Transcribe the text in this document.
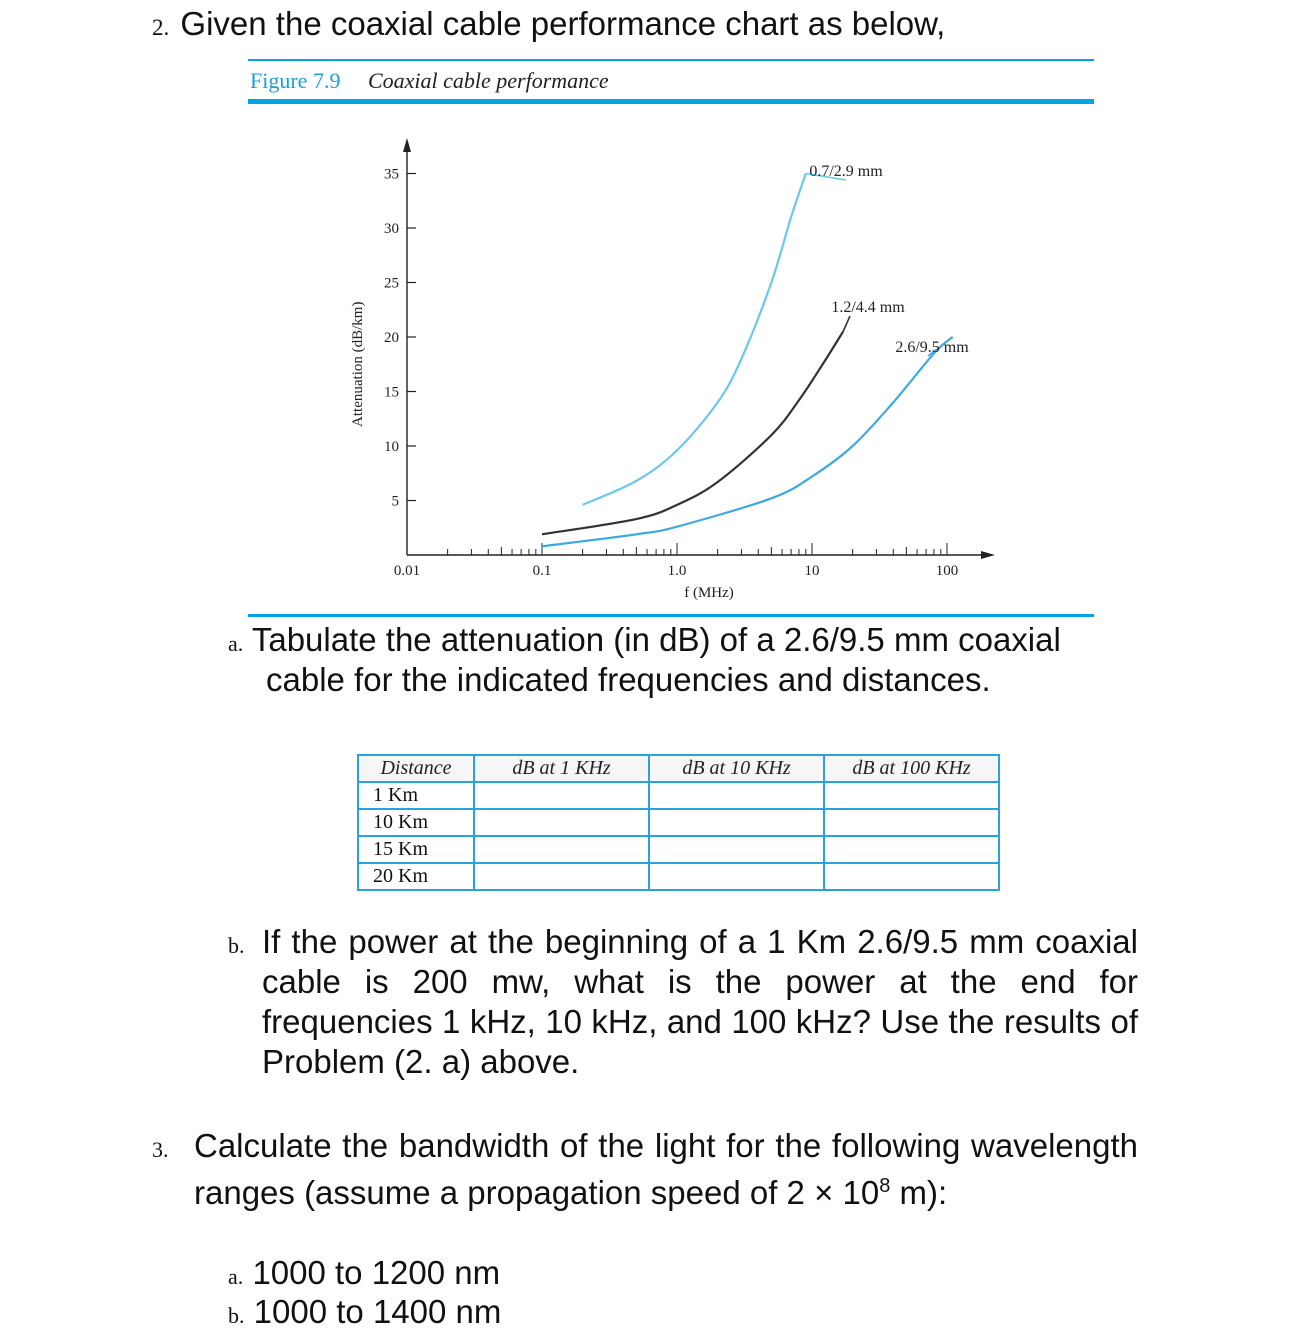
2. Given the coaxial cable performance chart as below,
Figure 7.9 Coaxial cable performance
5
10
15
20
25
30
35
0.01	0.1	1.0	10	100
f (MHz)
Attenuation (dB/km)
0.7/2.9 mm
1.2/4.4 mm
2.6/9.5 mm
a. Tabulate the attenuation (in dB) of a 2.6/9.5 mm coaxial
cable for the indicated frequencies and distances.
Distance	dB at 1 KHz	dB at 10 KHz	dB at 100 KHz
1 Km			
10 Km			
15 Km			
20 Km			
b. If the power at the beginning of a 1 Km 2.6/9.5 mm coaxial cable is 200 mw, what is the power at the end for frequencies 1 kHz, 10 kHz, and 100 kHz? Use the results of Problem (2. a) above.
3. Calculate the bandwidth of the light for the following wavelength ranges (assume a propagation speed of $2 \times 10^8$ m):
a. 1000 to 1200 nm
b. 1000 to 1400 nm
